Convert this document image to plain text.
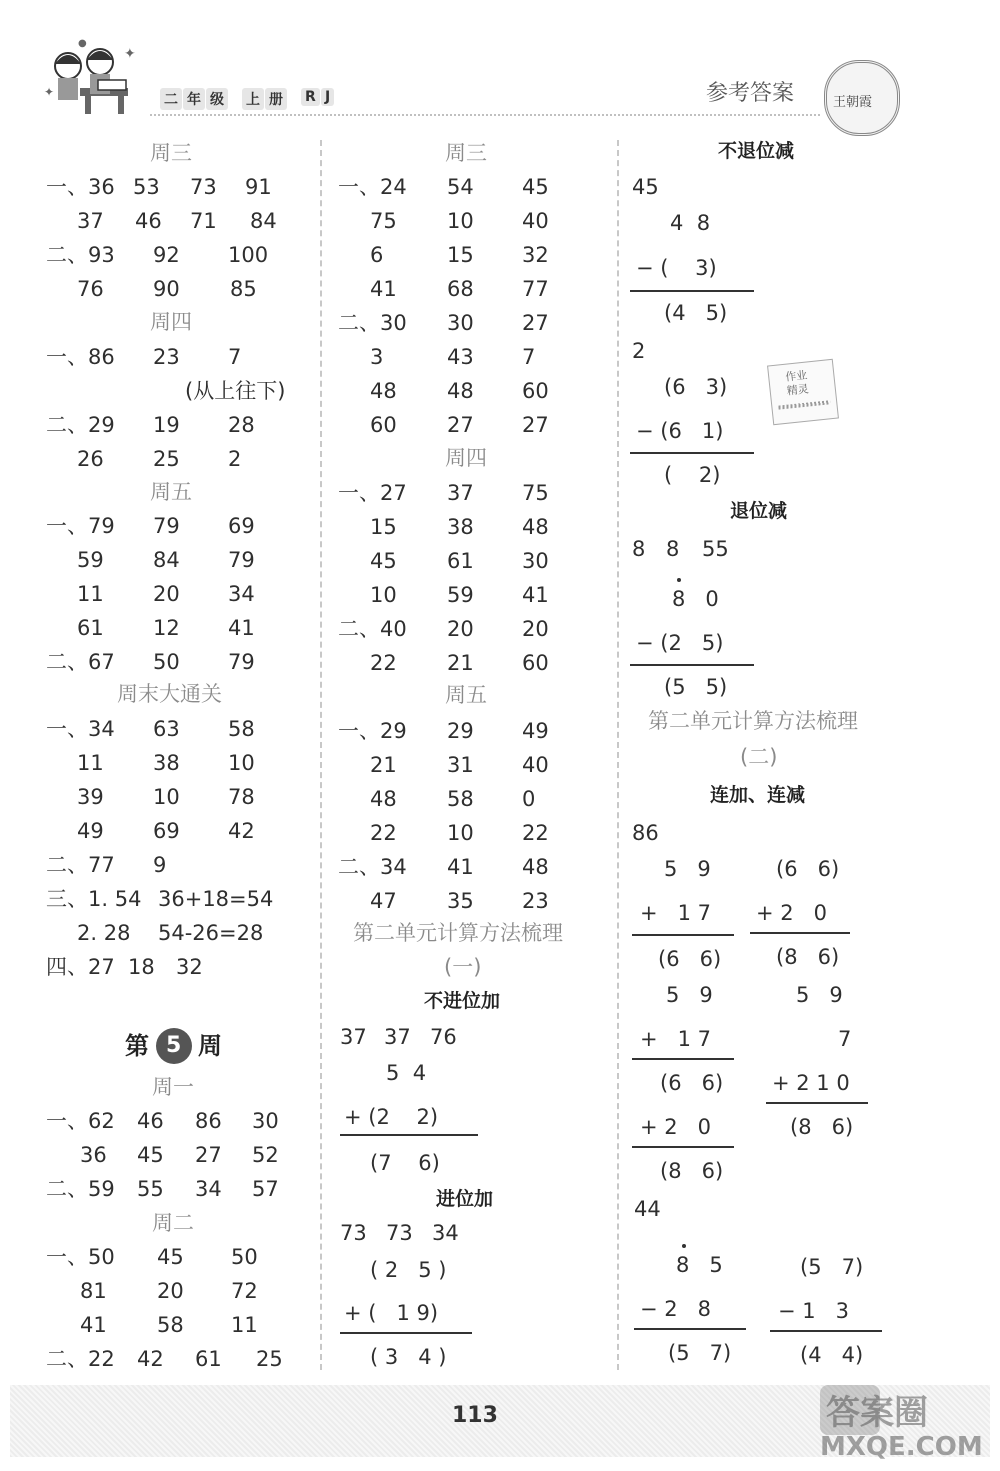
✦
✦
●
二 年 级 上 册 R J	参考答案	王朝霞
周三
一、36 53 73 91
37 46 71 84
二、93 92 100
76 90 85
周四
一、86 23 7
(从上往下)
二、29 19 28
26 25 2
周五
一、79 79 69
59 84 79
11 20 34
61 12 41
二、67 50 79
周末大通关
一、34 63 58
11 38 10
39 10 78
49 69 42
二、77 9
三、1. 54 36+18=54
2. 28 54-26=28
四、27 18 32
第 5 周
周一
一、62 46 86 30
36 45 27 52
二、59 55 34 57
周二
一、50 45 50
81 20 72
41 58 11
二、22 42 61 25
周三
一、24 54 45
75 10 40
6	15 32
41 68 77
二、30 30 27
3	43 7
48 48 60
60 27 27
周四
一、27 37 75
15 38 48
45 61 30
10 59 41
二、40 20 20
22 21 60
周五
一、29 29 49
21 31 40
48 58 0
22 10 22
二、34 41 48
47 35 23
第二单元计算方法梳理
(一)
不进位加
37 37 76
5  4
+ (2    2)
(7    6)
进位加
73 73 34
( 2   5 )
+ (   1 9)
( 3   4 )
不退位减
45
4  8
− (    3)
(4   5)
2
(6   3)
− (6   1)
(    2)
退位减
8 8 55
8   0
− (2   5)
(5   5)
第二单元计算方法梳理
(二)
连加、连减
86
5   9
+   1 7
(6   6)
(6   6)
+ 2   0
(8   6)
5   9
+   1 7
(6   6)
+ 2   0
(8   6)
5   9
7
+ 2 1 0
(8   6)
44
8   5
− 2   8
(5   7)
(5   7)
− 1   3
(4   4)
作业
精灵
113	答案圈
MXQE.COM
